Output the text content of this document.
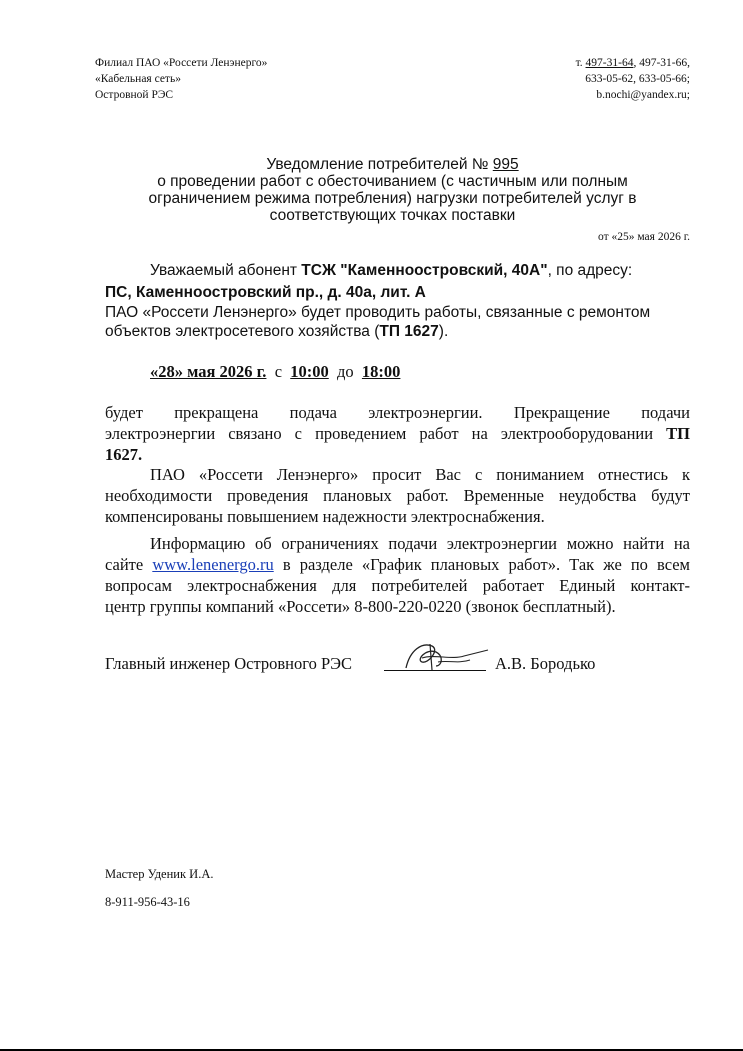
Филиал ПАО «Россети Ленэнерго»
«Кабельная сеть»
Островной РЭС
т. 497-31-64, 497-31-66,
633-05-62, 633-05-66;
b.nochi@yandex.ru;
Уведомление потребителей № 995
о проведении работ с обесточиванием (с частичным или полным
ограничением режима потребления) нагрузки потребителей услуг в
соответствующих точках поставки
от «25» мая 2026 г.
Уважаемый абонент ТСЖ "Каменноостровский, 40А", по адресу:
ПС, Каменноостровский пр., д. 40а, лит. А
ПАО «Россети Ленэнерго» будет проводить работы, связанные с ремонтом
объектов электросетевого хозяйства (ТП 1627).
«28» мая 2026 г. с 10:00 до 18:00
будет прекращена подача электроэнергии. Прекращение подачи
электроэнергии связано с проведением работ на электрооборудовании ТП
1627.
ПАО «Россети Ленэнерго» просит Вас с пониманием отнестись к
необходимости проведения плановых работ. Временные неудобства будут
компенсированы повышением надежности электроснабжения.
Информацию об ограничениях подачи электроэнергии можно найти на
сайте www.lenenergo.ru в разделе «График плановых работ». Так же по всем
вопросам электроснабжения для потребителей работает Единый контакт-
центр группы компаний «Россети» 8-800-220-0220 (звонок бесплатный).
Главный инженер Островного РЭС	А.В. Бородько
Мастер Уденик И.А.
8-911-956-43-16
